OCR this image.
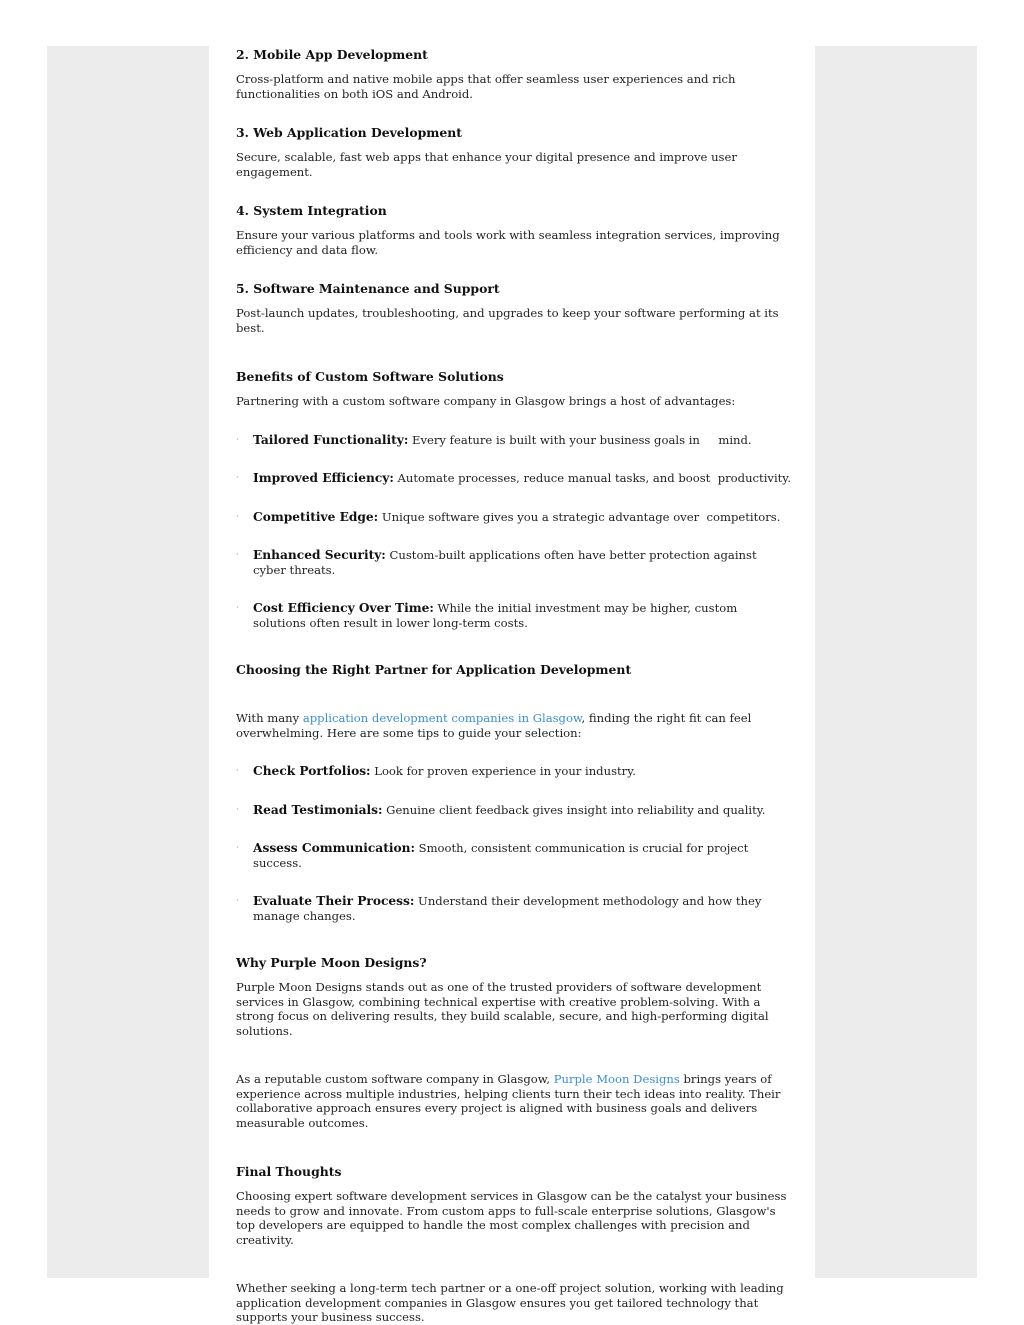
2. Mobile App Development

Cross-platform and native mobile apps that offer seamless user experiences and rich functionalities on both iOS and Android.

3. Web Application Development

Secure, scalable, fast web apps that enhance your digital presence and improve user engagement.

4. System Integration

Ensure your various platforms and tools work with seamless integration services, improving efficiency and data flow.

5. Software Maintenance and Support

Post-launch updates, troubleshooting, and upgrades to keep your software performing at its best.

Benefits of Custom Software Solutions

Partnering with a custom software company in Glasgow brings a host of advantages:

· Tailored Functionality: Every feature is built with your business goals in     mind.
· Improved Efficiency: Automate processes, reduce manual tasks, and boost  productivity.
· Competitive Edge: Unique software gives you a strategic advantage over  competitors.
· Enhanced Security: Custom-built applications often have better protection against cyber threats.
· Cost Efficiency Over Time: While the initial investment may be higher, custom solutions often result in lower long-term costs.

Choosing the Right Partner for Application Development

With many application development companies in Glasgow, finding the right fit can feel overwhelming. Here are some tips to guide your selection:

· Check Portfolios: Look for proven experience in your industry.
· Read Testimonials: Genuine client feedback gives insight into reliability and quality.
· Assess Communication: Smooth, consistent communication is crucial for project success.
· Evaluate Their Process: Understand their development methodology and how they manage changes.

Why Purple Moon Designs?

Purple Moon Designs stands out as one of the trusted providers of software development services in Glasgow, combining technical expertise with creative problem-solving. With a strong focus on delivering results, they build scalable, secure, and high-performing digital solutions.

As a reputable custom software company in Glasgow, Purple Moon Designs brings years of experience across multiple industries, helping clients turn their tech ideas into reality. Their collaborative approach ensures every project is aligned with business goals and delivers measurable outcomes.

Final Thoughts

Choosing expert software development services in Glasgow can be the catalyst your business needs to grow and innovate. From custom apps to full-scale enterprise solutions, Glasgow's top developers are equipped to handle the most complex challenges with precision and creativity.

Whether seeking a long-term tech partner or a one-off project solution, working with leading application development companies in Glasgow ensures you get tailored technology that supports your business success.
